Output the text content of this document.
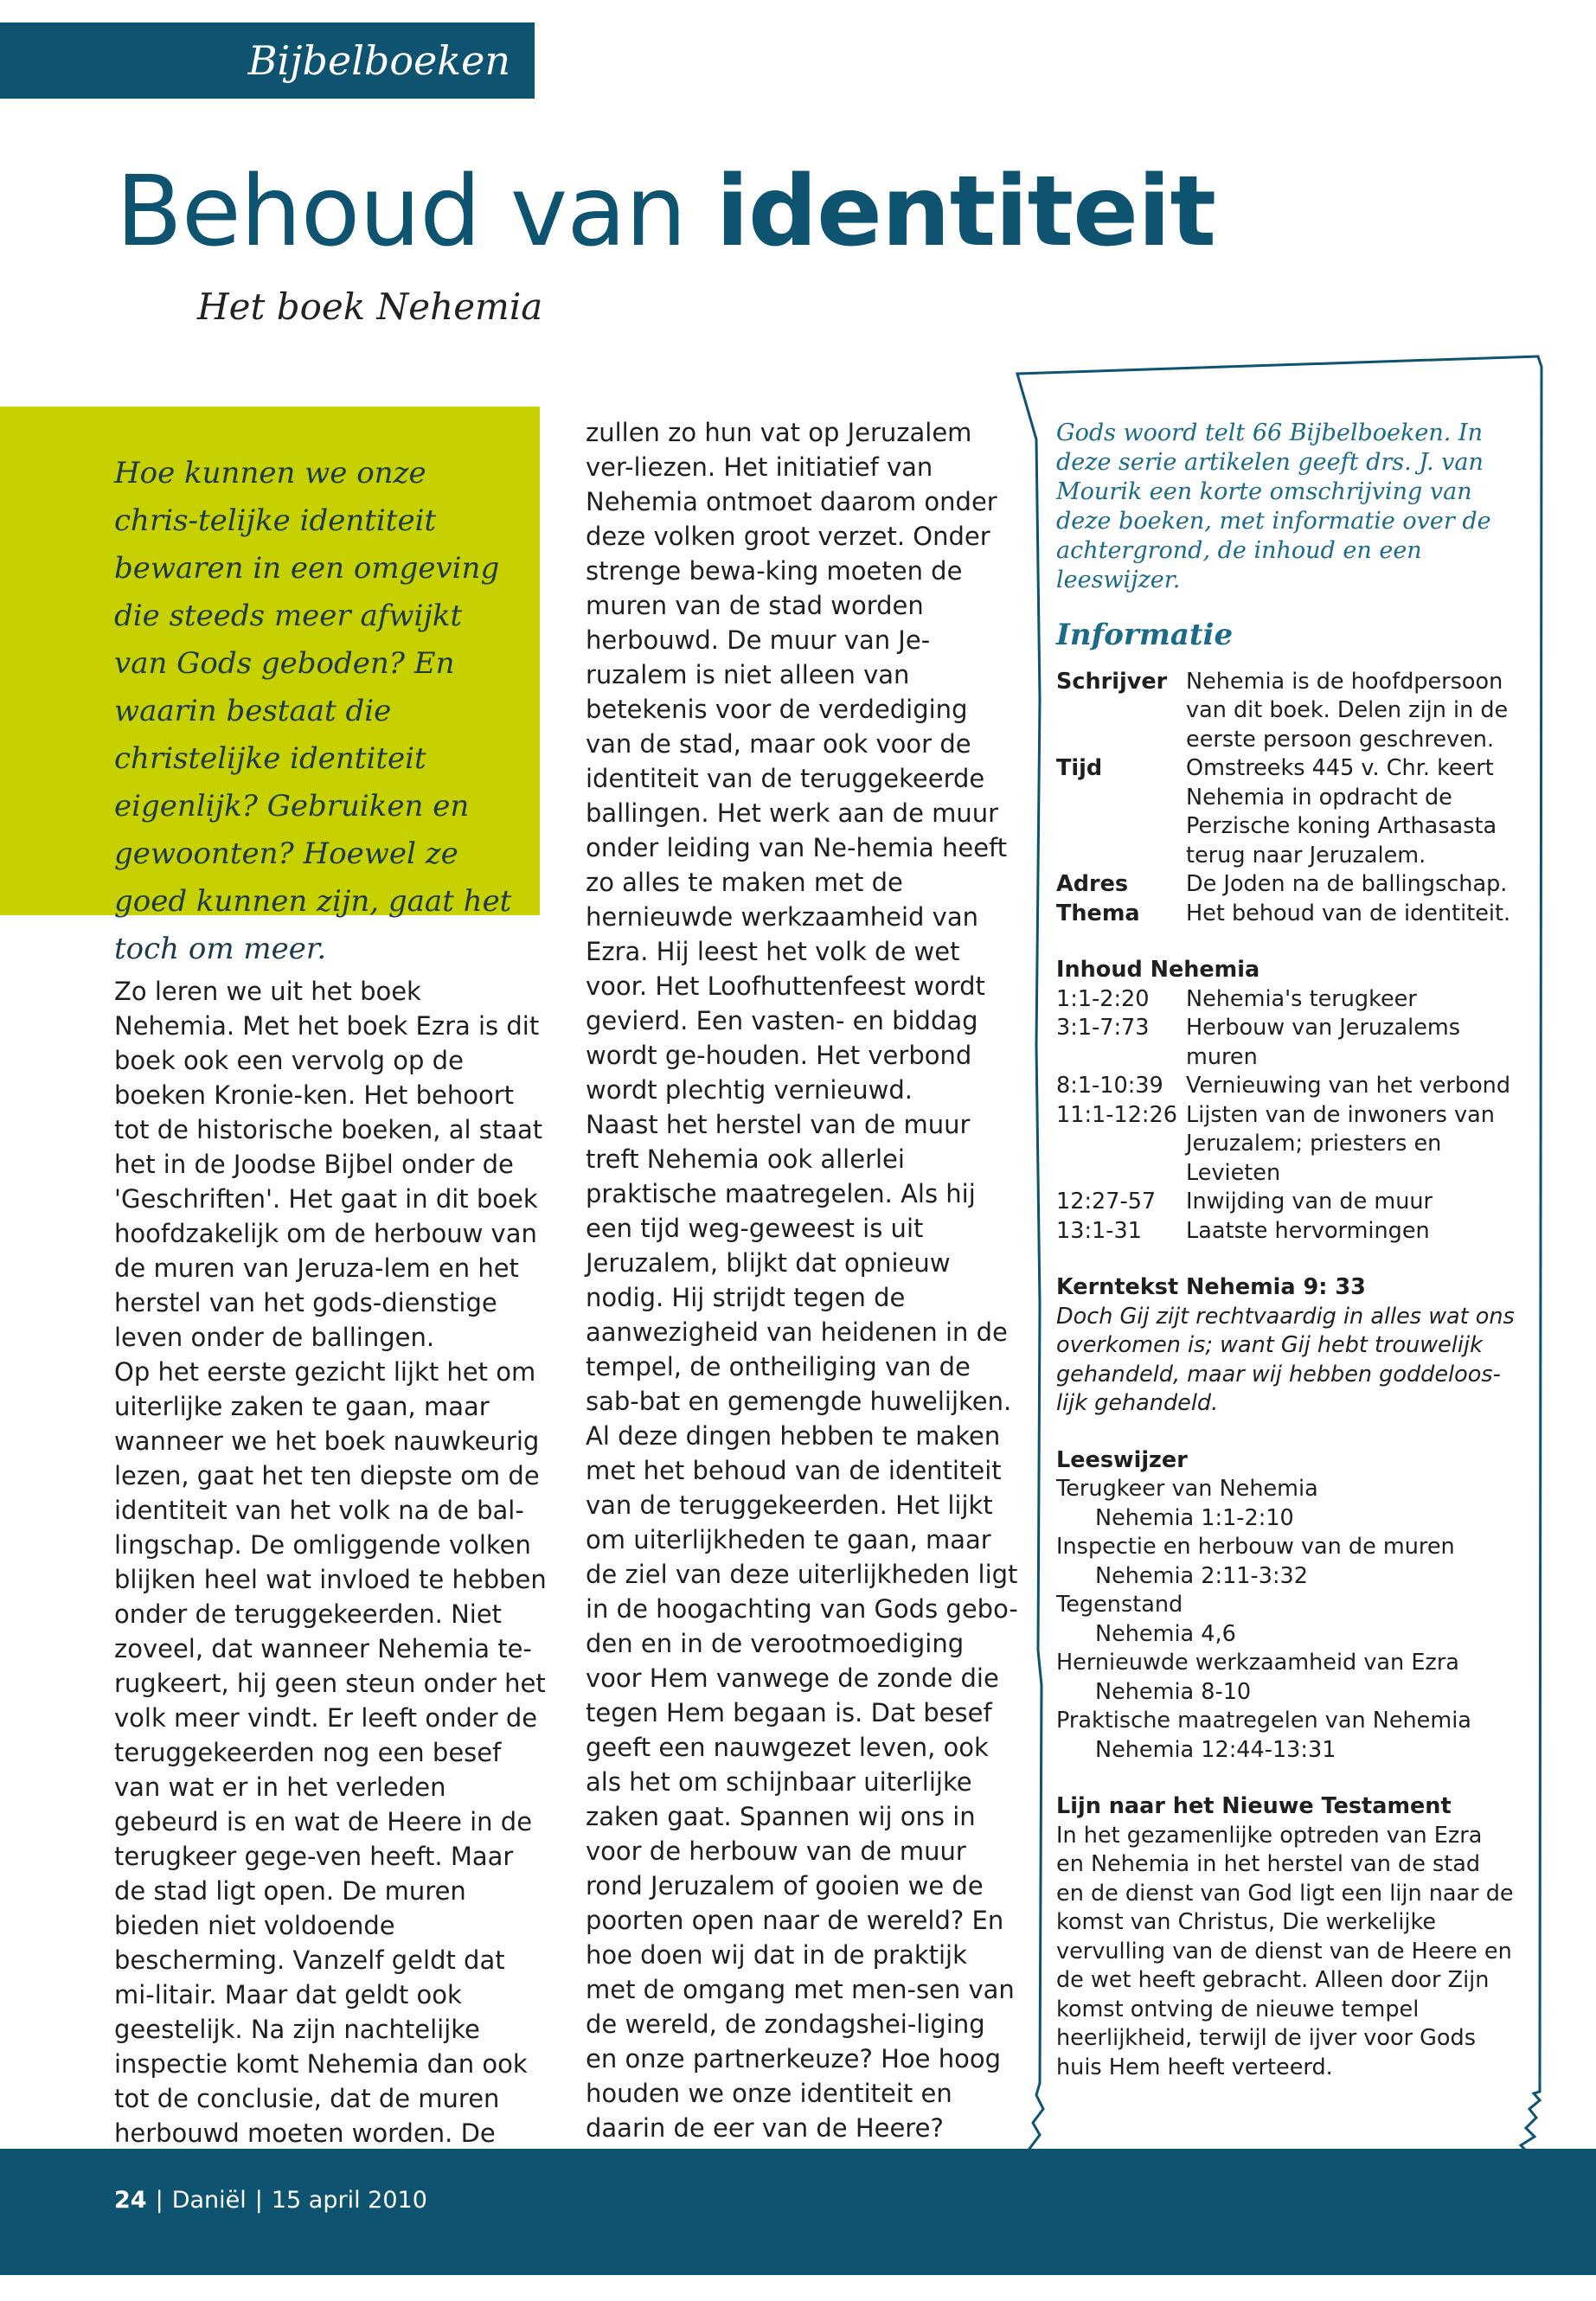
Bijbelboeken
Behoud van identiteit
Het boek Nehemia

Hoe kunnen we onze chris-telijke identiteit bewaren in een omgeving die steeds meer afwijkt van Gods geboden? En waarin bestaat die christelijke identiteit eigenlijk? Gebruiken en gewoonten? Hoewel ze goed kunnen zijn, gaat het toch om meer.

Zo leren we uit het boek Nehemia. Met het boek Ezra is dit boek ook een vervolg op de boeken Kronie-ken. Het behoort tot de historische boeken, al staat het in de Joodse Bijbel onder de 'Geschriften'. Het gaat in dit boek hoofdzakelijk om de herbouw van de muren van Jeruza-lem en het herstel van het gods-dienstige leven onder de ballingen.

Op het eerste gezicht lijkt het om uiterlijke zaken te gaan, maar wanneer we het boek nauwkeurig lezen, gaat het ten diepste om de identiteit van het volk na de bal-lingschap. De omliggende volken blijken heel wat invloed te hebben onder de teruggekeerden. Niet zoveel, dat wanneer Nehemia te-rugkeert, hij geen steun onder het volk meer vindt. Er leeft onder de teruggekeerden nog een besef van wat er in het verleden gebeurd is en wat de Heere in de terugkeer gege-ven heeft. Maar de stad ligt open. De muren bieden niet voldoende bescherming. Vanzelf geldt dat mi-litair. Maar dat geldt ook geestelijk. Na zijn nachtelijke inspectie komt Nehemia dan ook tot de conclusie, dat de muren herbouwd moeten worden. De

zullen zo hun vat op Jeruzalem ver-liezen. Het initiatief van Nehemia ontmoet daarom onder deze volken groot verzet. Onder strenge bewa-king moeten de muren van de stad worden herbouwd. De muur van Je-ruzalem is niet alleen van betekenis voor de verdediging van de stad, maar ook voor de identiteit van de teruggekeerde ballingen. Het werk aan de muur onder leiding van Ne-hemia heeft zo alles te maken met de hernieuwde werkzaamheid van Ezra. Hij leest het volk de wet voor. Het Loofhuttenfeest wordt gevierd. Een vasten- en biddag wordt ge-houden. Het verbond wordt plechtig vernieuwd.

Naast het herstel van de muur treft Nehemia ook allerlei praktische maatregelen. Als hij een tijd weg-geweest is uit Jeruzalem, blijkt dat opnieuw nodig. Hij strijdt tegen de aanwezigheid van heidenen in de tempel, de ontheiliging van de sab-bat en gemengde huwelijken.

Al deze dingen hebben te maken met het behoud van de identiteit van de teruggekeerden. Het lijkt om uiterlijkheden te gaan, maar de ziel van deze uiterlijkheden ligt in de hoogachting van Gods gebo-den en in de verootmoediging voor Hem vanwege de zonde die tegen Hem begaan is. Dat besef geeft een nauwgezet leven, ook als het om schijnbaar uiterlijke zaken gaat. Spannen wij ons in voor de herbouw van de muur rond Jeruzalem of gooien we de poorten open naar de wereld? En hoe doen wij dat in de praktijk met de omgang met men-sen van de wereld, de zondagshei-liging en onze partnerkeuze? Hoe hoog houden we onze identiteit en daarin de eer van de Heere?

Gods woord telt 66 Bijbelboeken. In deze serie artikelen geeft drs. J. van Mourik een korte omschrijving van deze boeken, met informatie over de achtergrond, de inhoud en een leeswijzer.

Informatie
Schrijver Nehemia is de hoofdpersoon van dit boek. Delen zijn in de eerste persoon geschreven.
Tijd	Omstreeks 445 v. Chr. keert Nehemia in opdracht de Perzische koning Arthasasta terug naar Jeruzalem.
Adres	De Joden na de ballingschap.
Thema	Het behoud van de identiteit.
Inhoud Nehemia
1:1-2:20	Nehemia's terugkeer
3:1-7:73	Herbouw van Jeruzalems muren
8:1-10:39	Vernieuwing van het verbond
11:1-12:26 Lijsten van de inwoners van Jeruzalem; priesters en Levieten
12:27-57	Inwijding van de muur
13:1-31	Laatste hervormingen
Kerntekst Nehemia 9: 33
Doch Gij zijt rechtvaardig in alles wat ons overkomen is; want Gij hebt trouwelijk gehandeld, maar wij hebben goddeloos-lijk gehandeld.
Leeswijzer
Terugkeer van Nehemia
Nehemia 1:1-2:10
Inspectie en herbouw van de muren
Nehemia 2:11-3:32
Tegenstand
Nehemia 4,6
Hernieuwde werkzaamheid van Ezra
Nehemia 8-10
Praktische maatregelen van Nehemia
Nehemia 12:44-13:31
Lijn naar het Nieuwe Testament
In het gezamenlijke optreden van Ezra en Nehemia in het herstel van de stad en de dienst van God ligt een lijn naar de komst van Christus, Die werkelijke vervulling van de dienst van de Heere en de wet heeft gebracht. Alleen door Zijn komst ontving de nieuwe tempel heerlijkheid, terwijl de ijver voor Gods huis Hem heeft verteerd.
24 | Daniël | 15 april 2010
